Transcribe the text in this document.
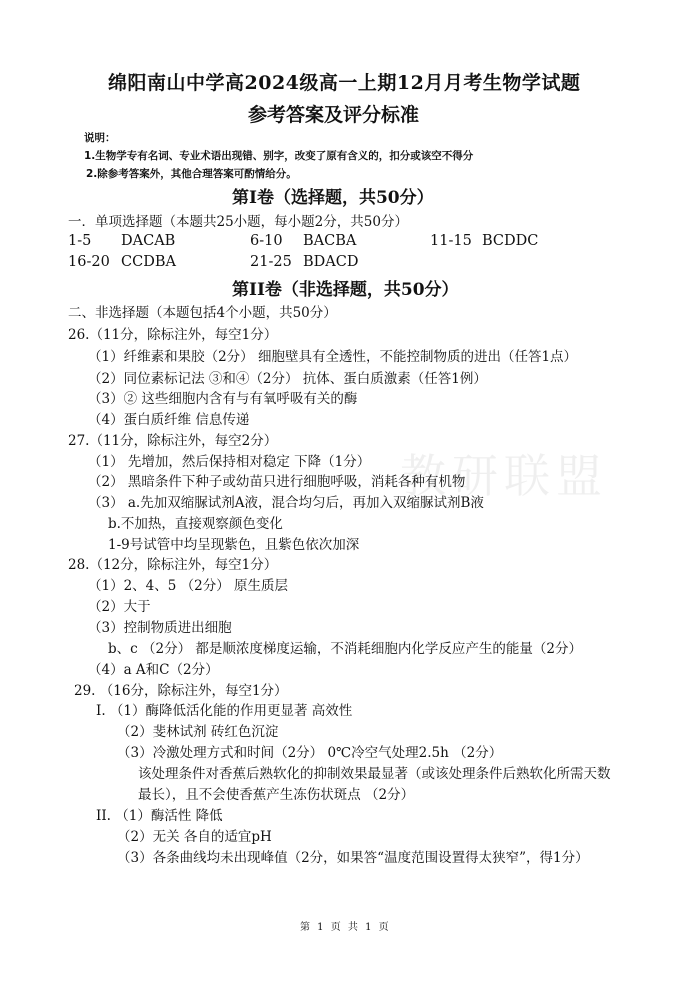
绵阳南山中学高2024级高一上期12月月考生物学试题
参考答案及评分标准
说明：
1.生物学专有名词、专业术语出现错、别字，改变了原有含义的，扣分或该空不得分
2.除参考答案外，其他合理答案可酌情给分。
第Ⅰ卷（选择题，共50分）
一．单项选择题（本题共25小题，每小题2分，共50分）
1-5 DACAB	6-10 BACBA	11-15 BCDDC
16-20 CCDBA	21-25 BDACD
第II卷（非选择题，共50分）
二、非选择题（本题包括4个小题，共50分）
26.（11分，除标注外，每空1分）
（1）纤维素和果胶（2分） 细胞壁具有全透性，不能控制物质的进出（任答1点）
（2）同位素标记法 ③和④（2分） 抗体、蛋白质激素（任答1例）
（3）② 这些细胞内含有与有氧呼吸有关的酶
（4）蛋白质纤维 信息传递
27.（11分，除标注外，每空2分）
（1） 先增加，然后保持相对稳定 下降（1分）
（2） 黑暗条件下种子或幼苗只进行细胞呼吸，消耗各种有机物
（3） a.先加双缩脲试剂A液，混合均匀后，再加入双缩脲试剂B液
b.不加热，直接观察颜色变化
1-9号试管中均呈现紫色，且紫色依次加深
28.（12分，除标注外，每空1分）
（1）2、4、5 （2分） 原生质层
（2）大于
（3）控制物质进出细胞
b、c （2分） 都是顺浓度梯度运输，不消耗细胞内化学反应产生的能量（2分）
（4）a A和C（2分）
29. （16分，除标注外，每空1分）
I. （1）酶降低活化能的作用更显著 高效性
（2）斐林试剂 砖红色沉淀
（3）冷激处理方式和时间（2分） 0℃冷空气处理2.5h （2分）
该处理条件对香蕉后熟软化的抑制效果最显著（或该处理条件后熟软化所需天数
最长），且不会使香蕉产生冻伤状斑点 （2分）
II. （1）酶活性 降低
（2）无关 各自的适宜pH
（3）各条曲线均未出现峰值（2分，如果答“温度范围设置得太狭窄”，得1分）
教研联盟
第 1 页 共 1 页
